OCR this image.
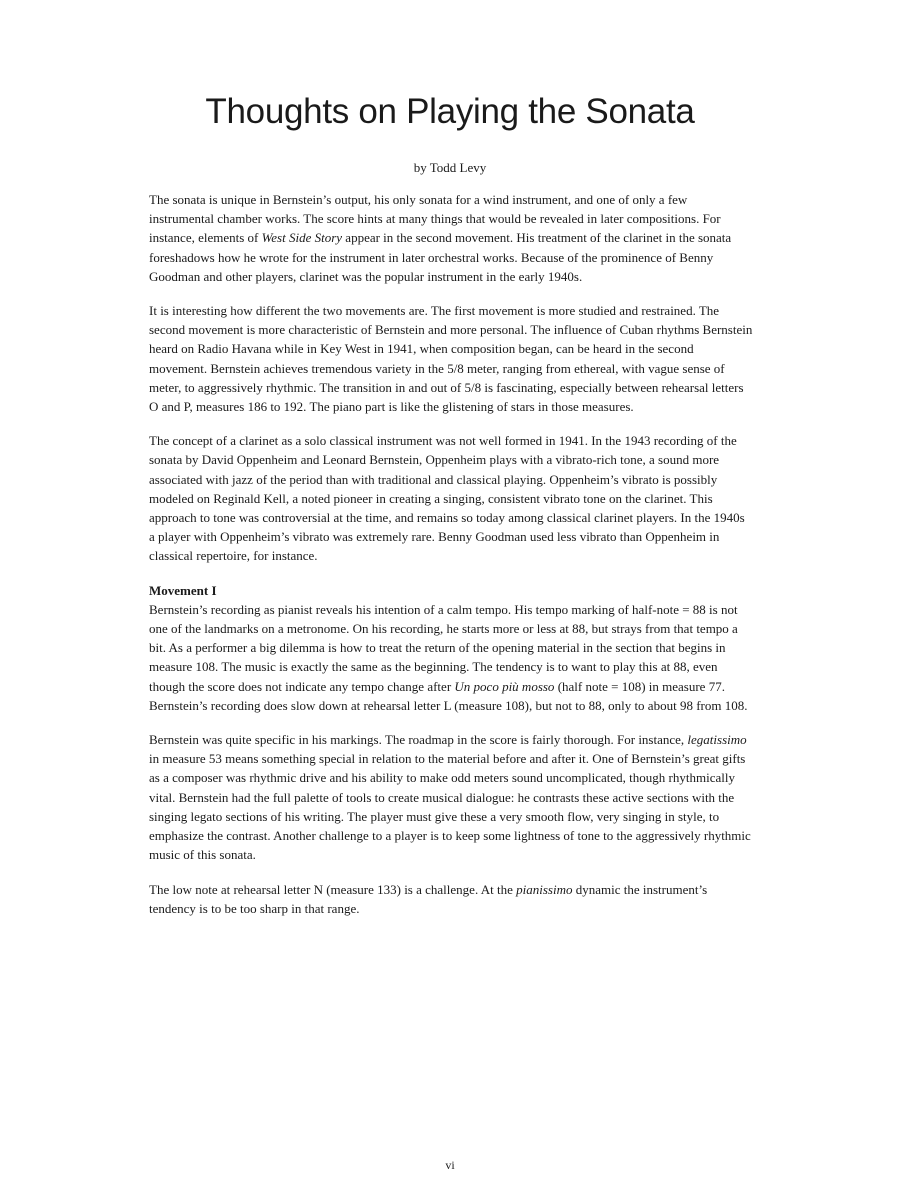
Thoughts on Playing the Sonata

by Todd Levy

The sonata is unique in Bernstein’s output, his only sonata for a wind instrument, and one of only a few instrumental chamber works. The score hints at many things that would be revealed in later compositions. For instance, elements of West Side Story appear in the second movement. His treatment of the clarinet in the sonata foreshadows how he wrote for the instrument in later orchestral works. Because of the prominence of Benny Goodman and other players, clarinet was the popular instrument in the early 1940s.

It is interesting how different the two movements are. The first movement is more studied and restrained. The second movement is more characteristic of Bernstein and more personal. The influence of Cuban rhythms Bernstein heard on Radio Havana while in Key West in 1941, when composition began, can be heard in the second movement. Bernstein achieves tremendous variety in the 5/8 meter, ranging from ethereal, with vague sense of meter, to aggressively rhythmic. The transition in and out of 5/8 is fascinating, especially between rehearsal letters O and P, measures 186 to 192. The piano part is like the glistening of stars in those measures.

The concept of a clarinet as a solo classical instrument was not well formed in 1941. In the 1943 recording of the sonata by David Oppenheim and Leonard Bernstein, Oppenheim plays with a vibrato-rich tone, a sound more associated with jazz of the period than with traditional and classical playing. Oppenheim’s vibrato is possibly modeled on Reginald Kell, a noted pioneer in creating a singing, consistent vibrato tone on the clarinet. This approach to tone was controversial at the time, and remains so today among classical clarinet players. In the 1940s a player with Oppenheim’s vibrato was extremely rare. Benny Goodman used less vibrato than Oppenheim in classical repertoire, for instance.

Movement I

Bernstein’s recording as pianist reveals his intention of a calm tempo. His tempo marking of half-note = 88 is not one of the landmarks on a metronome. On his recording, he starts more or less at 88, but strays from that tempo a bit. As a performer a big dilemma is how to treat the return of the opening material in the section that begins in measure 108. The music is exactly the same as the beginning. The tendency is to want to play this at 88, even though the score does not indicate any tempo change after Un poco più mosso (half note = 108) in measure 77. Bernstein’s recording does slow down at rehearsal letter L (measure 108), but not to 88, only to about 98 from 108.

Bernstein was quite specific in his markings. The roadmap in the score is fairly thorough. For instance, legatissimo in measure 53 means something special in relation to the material before and after it. One of Bernstein’s great gifts as a composer was rhythmic drive and his ability to make odd meters sound uncomplicated, though rhythmically vital. Bernstein had the full palette of tools to create musical dialogue: he contrasts these active sections with the singing legato sections of his writing. The player must give these a very smooth flow, very singing in style, to emphasize the contrast. Another challenge to a player is to keep some lightness of tone to the aggressively rhythmic music of this sonata.

The low note at rehearsal letter N (measure 133) is a challenge. At the pianissimo dynamic the instrument’s tendency is to be too sharp in that range.

vi
